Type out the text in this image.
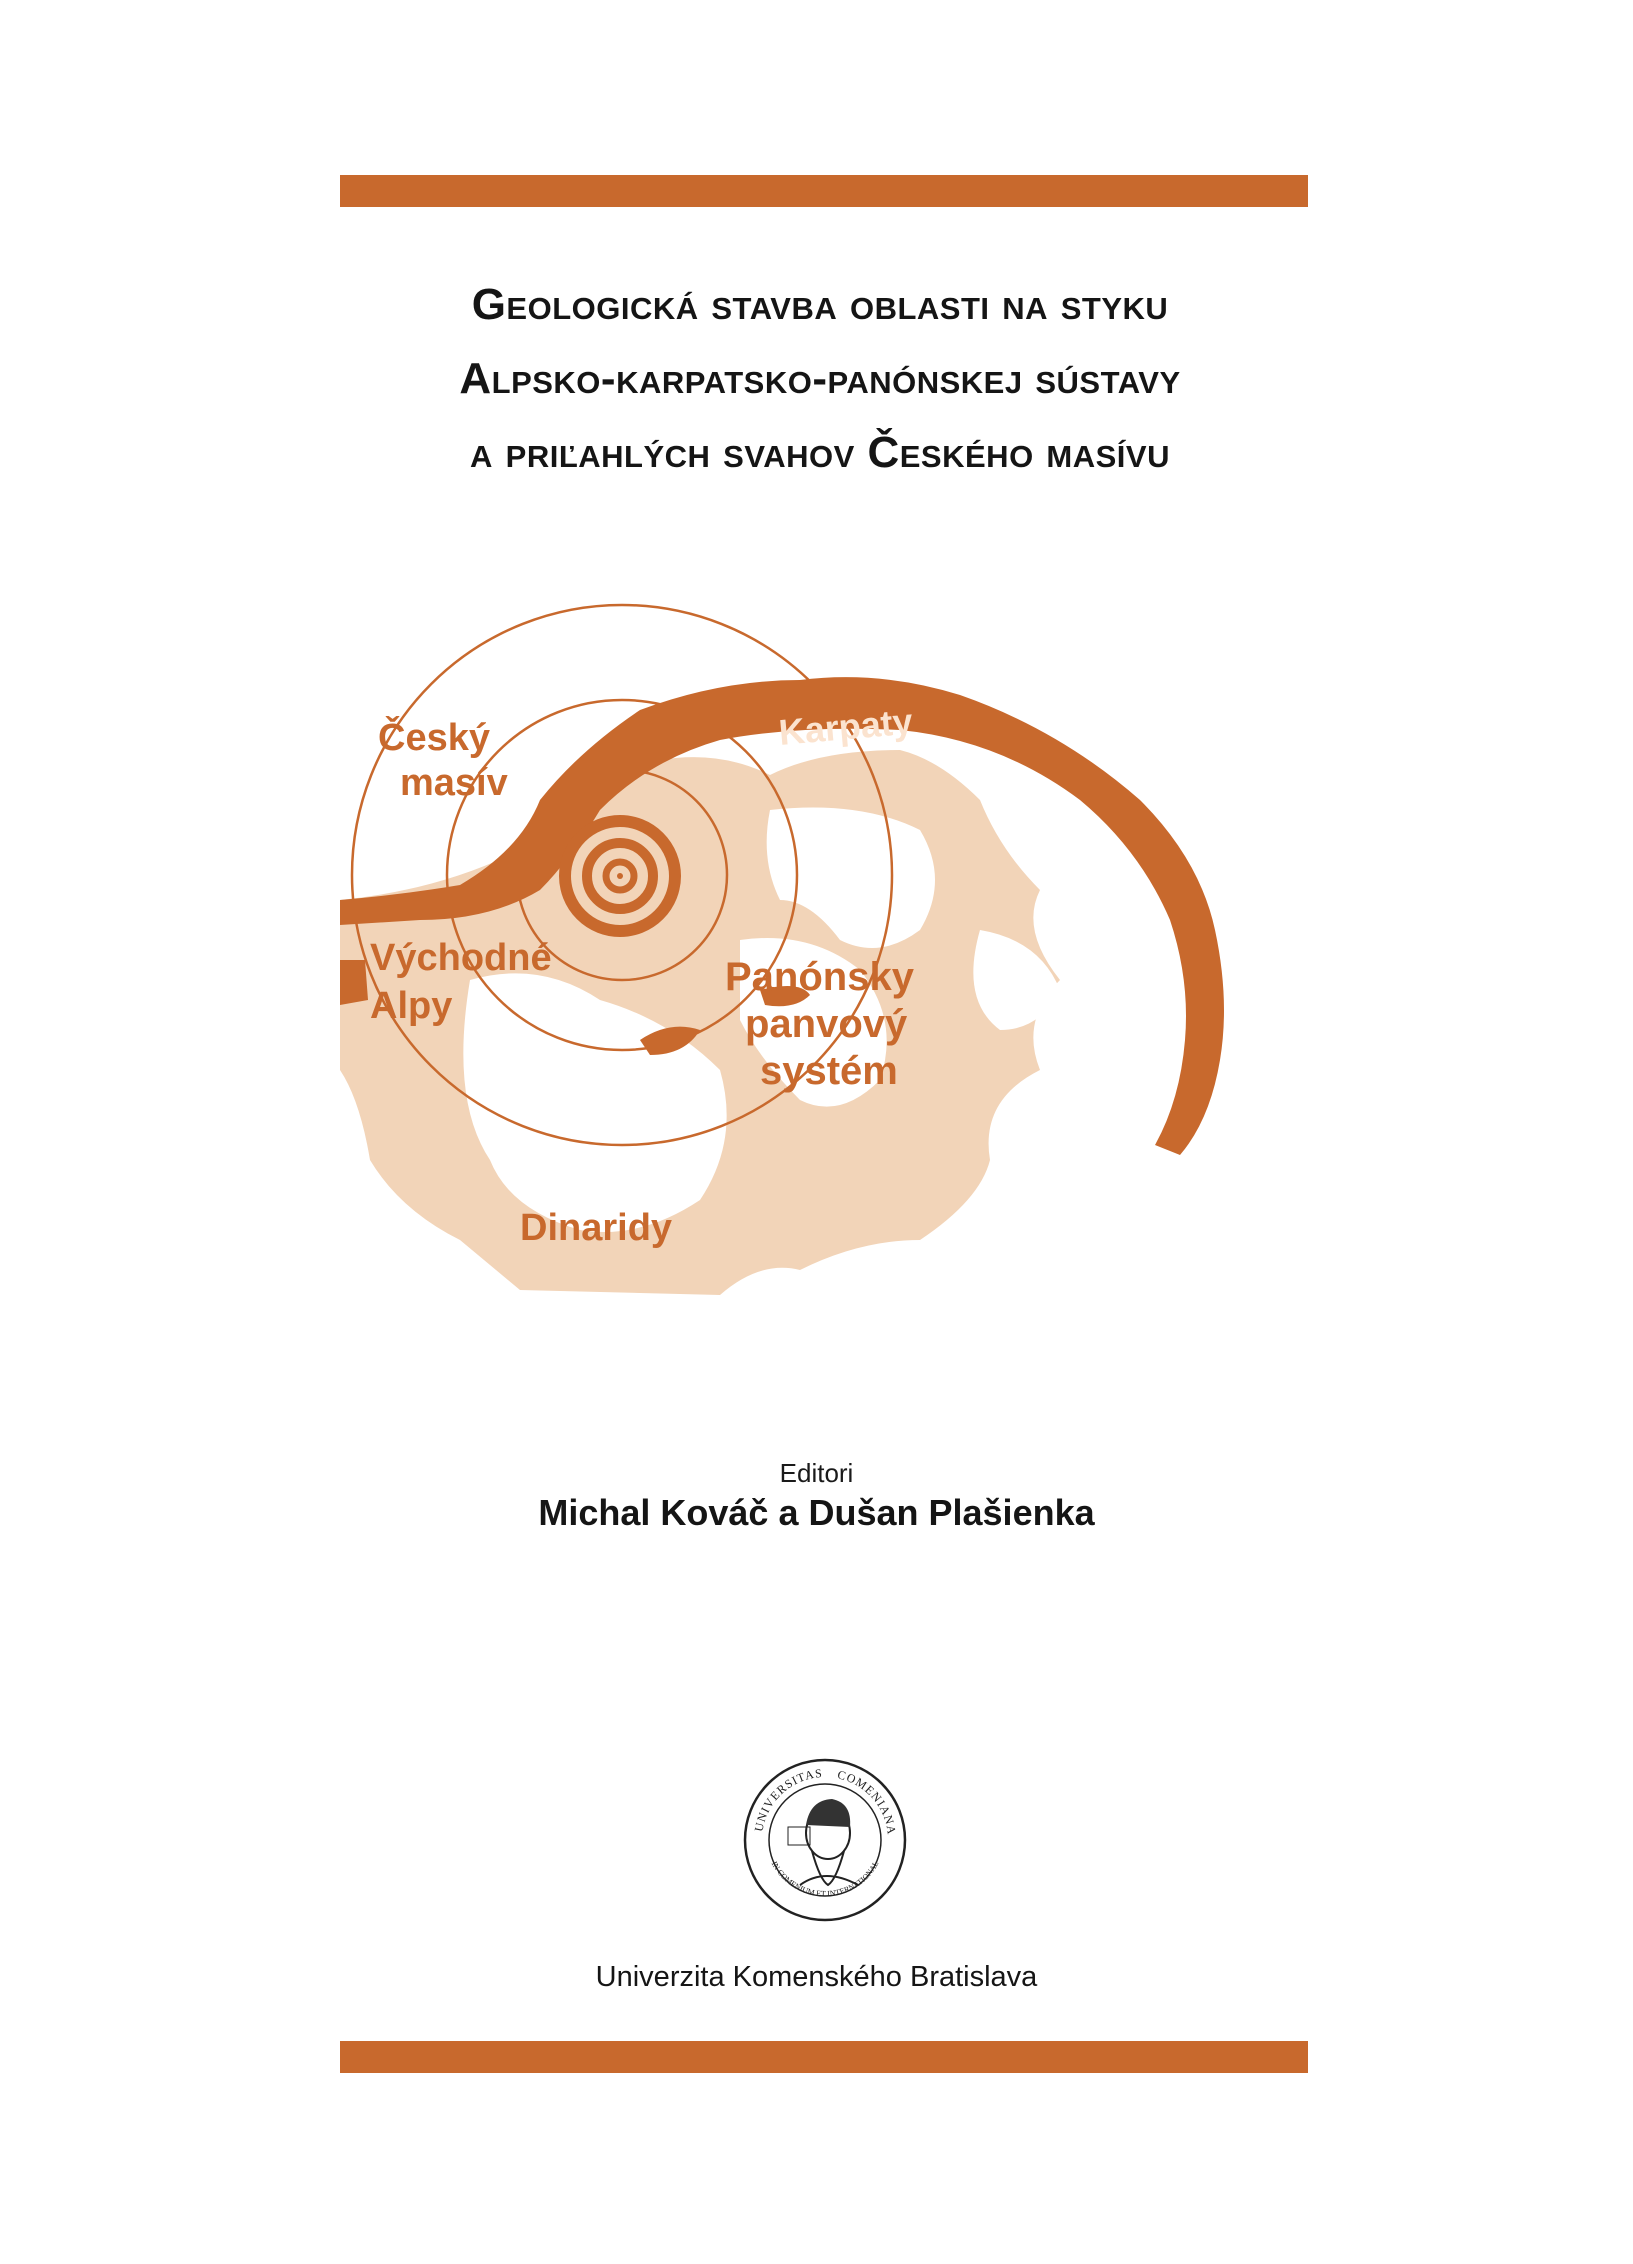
Geologická stavba oblasti na styku
Alpsko-karpatsko-panónskej sústavy
a priľahlých svahov Českého masívu
Český
masív
Karpaty
Východné
Alpy
Panónsky
panvový
systém
Dinaridy
Editori
Michal Kováč a Dušan Plašienka
UNIVERSITAS COMENIANA
IN COMENIUM ET INTERNATIONAL
Univerzita Komenského Bratislava
